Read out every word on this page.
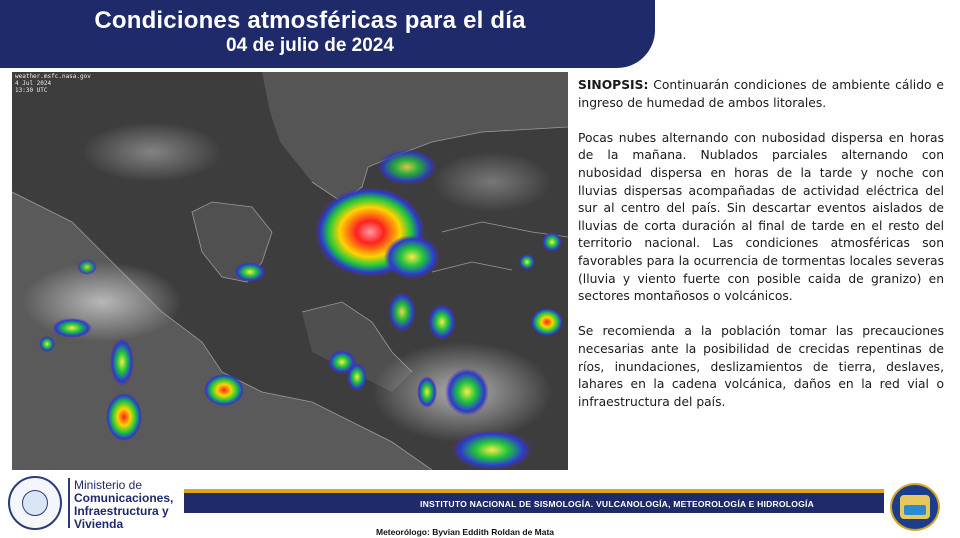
Condiciones atmosféricas para el día
04 de julio de 2024
weather.msfc.nasa.gov
4 Jul 2024
13:30 UTC	SINOPSIS: Continuarán condiciones de ambiente cálido e ingreso de humedad de ambos litorales.

Pocas nubes alternando con nubosidad dispersa en horas de la mañana. Nublados parciales alternando con nubosidad dispersa en horas de la tarde y noche con lluvias dispersas acompañadas de actividad eléctrica del sur al centro del país. Sin descartar eventos aislados de lluvias de corta duración al final de tarde en el resto del territorio nacional. Las condiciones atmosféricas son favorables para la ocurrencia de tormentas locales severas (lluvia y viento fuerte con posible caida de granizo) en sectores montañosos o volcánicos.

Se recomienda a la población tomar las precauciones necesarias ante la posibilidad de crecidas repentinas de ríos, inundaciones, deslizamientos de tierra, deslaves, lahares en la cadena volcánica, daños en la red vial o infraestructura del país.

Ministerio de
Comunicaciones,
Infraestructura y
Vivienda
INSTITUTO NACIONAL DE SISMOLOGÍA. VULCANOLOGÍA, METEOROLOGÍA E HIDROLOGÍA
Meteorólogo: Byvian Eddith Roldan de Mata
